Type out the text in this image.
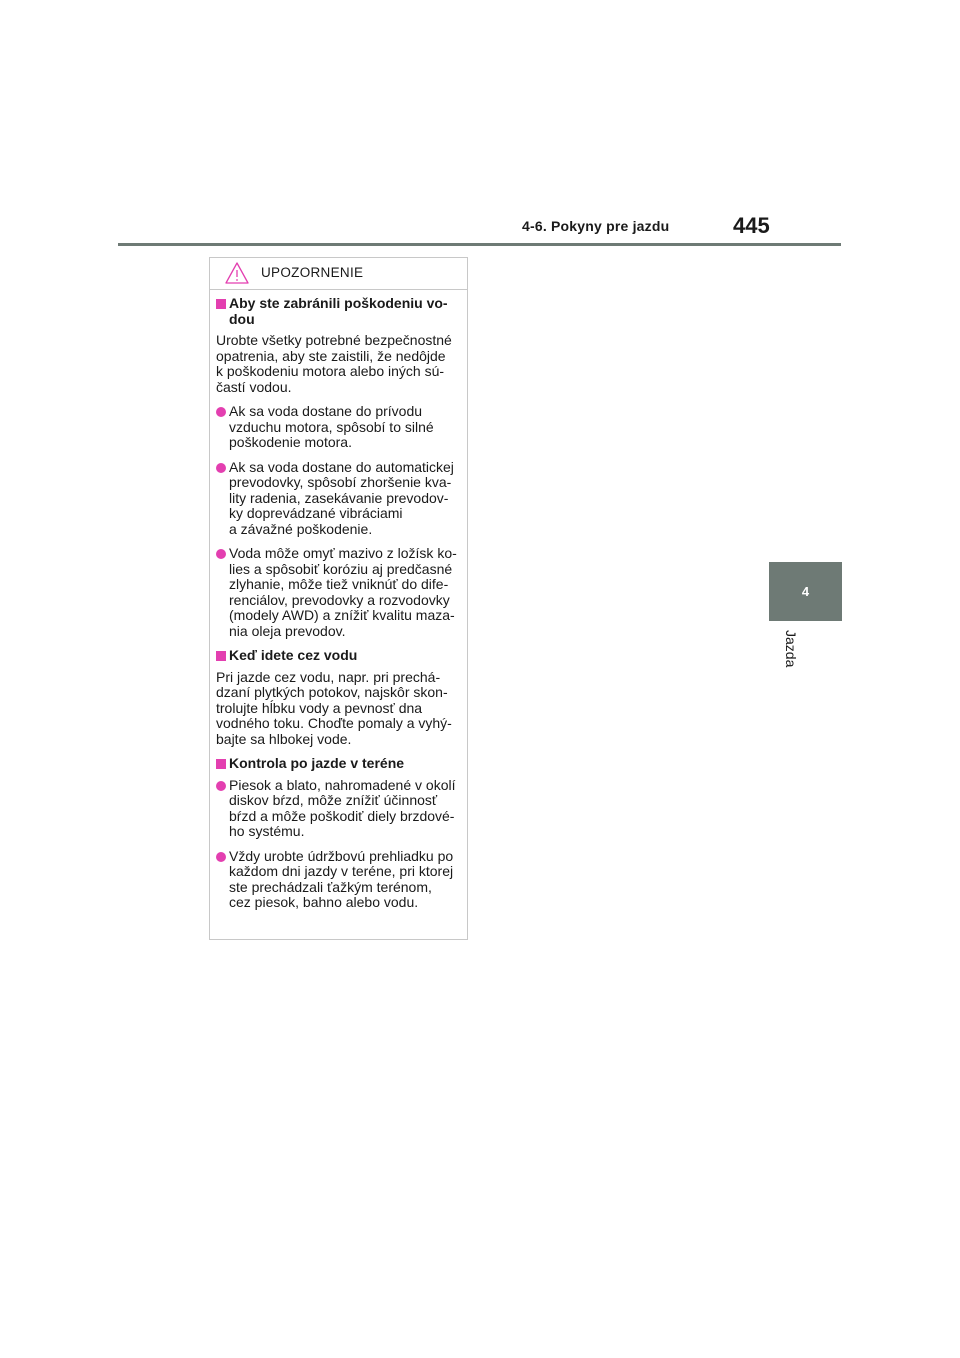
4-6. Pokyny pre jazdu	445
4
Jazda
UPOZORNENIE
Aby ste zabránili poškodeniu vo-
dou
Urobte všetky potrebné bezpečnostné
opatrenia, aby ste zaistili, že nedôjde
k poškodeniu motora alebo iných sú-
častí vodou.
Ak sa voda dostane do prívodu
vzduchu motora, spôsobí to silné
poškodenie motora.
Ak sa voda dostane do automatickej
prevodovky, spôsobí zhoršenie kva-
lity radenia, zasekávanie prevodov-
ky doprevádzané vibráciami
a závažné poškodenie.
Voda môže omyť mazivo z ložísk ko-
lies a spôsobiť koróziu aj predčasné
zlyhanie, môže tiež vniknúť do dife-
renciálov, prevodovky a rozvodovky
(modely AWD) a znížiť kvalitu maza-
nia oleja prevodov.
Keď idete cez vodu
Pri jazde cez vodu, napr. pri prechá-
dzaní plytkých potokov, najskôr skon-
trolujte hĺbku vody a pevnosť dna
vodného toku. Choďte pomaly a vyhý-
bajte sa hlbokej vode.
Kontrola po jazde v teréne
Piesok a blato, nahromadené v okolí
diskov bŕzd, môže znížiť účinnosť
bŕzd a môže poškodiť diely brzdové-
ho systému.
Vždy urobte údržbovú prehliadku po
každom dni jazdy v teréne, pri ktorej
ste prechádzali ťažkým terénom,
cez piesok, bahno alebo vodu.
